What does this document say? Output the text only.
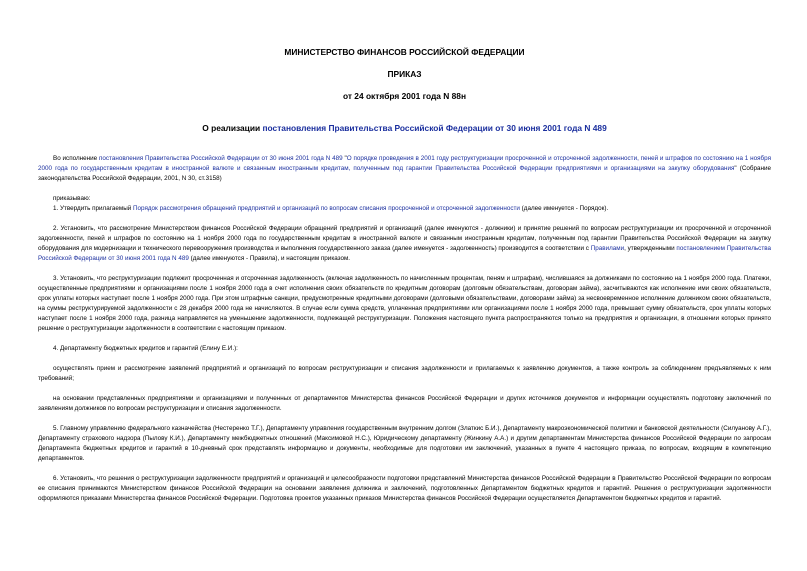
МИНИСТЕРСТВО ФИНАНСОВ РОССИЙСКОЙ ФЕДЕРАЦИИ

ПРИКАЗ

от 24 октября 2001 года N 88н

О реализации постановления Правительства Российской Федерации от 30 июня 2001 года N 489

Во исполнение постановления Правительства Российской Федерации от 30 июня 2001 года N 489 "О порядке проведения в 2001 году реструктуризации просроченной и отсроченной задолженности, пеней и штрафов по состоянию на 1 ноября 2000 года по государственным кредитам в иностранной валюте и связанным иностранным кредитам, полученным под гарантии Правительства Российской Федерации предприятиями и организациями на закупку оборудования" (Собрание законодательства Российской Федерации, 2001, N 30, ст.3158)

приказываю:

1. Утвердить прилагаемый Порядок рассмотрения обращений предприятий и организаций по вопросам списания просроченной и отсроченной задолженности (далее именуется - Порядок).

2. Установить, что рассмотрение Министерством финансов Российской Федерации обращений предприятий и организаций (далее именуются - должники) и принятие решений по вопросам реструктуризации их просроченной и отсроченной задолженности, пеней и штрафов по состоянию на 1 ноября 2000 года по государственным кредитам в иностранной валюте и связанным иностранным кредитам, полученным под гарантии Правительства Российской Федерации на закупку оборудования для модернизации и технического перевооружения производства и выполнения государственного заказа (далее именуется - задолженность) производится в соответствии с Правилами, утвержденными постановлением Правительства Российской Федерации от 30 июня 2001 года N 489 (далее именуются - Правила), и настоящим приказом.

3. Установить, что реструктуризации подлежит просроченная и отсроченная задолженность (включая задолженность по начисленным процентам, пеням и штрафам), числившаяся за должниками по состоянию на 1 ноября 2000 года. Платежи, осуществленные предприятиями и организациями после 1 ноября 2000 года в счет исполнения своих обязательств по кредитным договорам (долговым обязательствам, договорам займа), засчитываются как исполнение ими своих обязательств, срок уплаты которых наступает после 1 ноября 2000 года. При этом штрафные санкции, предусмотренные кредитными договорами (долговыми обязательствами, договорами займа) за несвоевременное исполнение должником своих обязательств, на суммы реструктурируемой задолженности с 28 декабря 2000 года не начисляются. В случае если сумма средств, уплаченная предприятиями или организациями после 1 ноября 2000 года, превышает сумму обязательств, срок уплаты которых наступает после 1 ноября 2000 года, разница направляется на уменьшение задолженности, подлежащей реструктуризации. Положения настоящего пункта распространяются только на предприятия и организации, в отношении которых принято решение о реструктуризации задолженности в соответствии с настоящим приказом.

4. Департаменту бюджетных кредитов и гарантий (Елину Е.И.):

осуществлять прием и рассмотрение заявлений предприятий и организаций по вопросам реструктуризации и списания задолженности и прилагаемых к заявлению документов, а также контроль за соблюдением предъявляемых к ним требований;

на основании представленных предприятиями и организациями и полученных от департаментов Министерства финансов Российской Федерации и других источников документов и информации осуществлять подготовку заключений по заявлениям должников по вопросам реструктуризации и списания задолженности.

5. Главному управлению федерального казначейства (Нестеренко Т.Г.), Департаменту управления государственным внутренним долгом (Златкис Б.И.), Департаменту макроэкономической политики и банковской деятельности (Силуанову А.Г.), Департаменту страхового надзора (Пылову К.И.), Департаменту межбюджетных отношений (Максимовой Н.С.), Юридическому департаменту (Жинкину А.А.) и другим департаментам Министерства финансов Российской Федерации по запросам Департамента бюджетных кредитов и гарантий в 10-дневный срок представлять информацию и документы, необходимые для подготовки им заключений, указанных в пункте 4 настоящего приказа, по вопросам, входящим в компетенцию департаментов.

6. Установить, что решения о реструктуризации задолженности предприятий и организаций и целесообразности подготовки представлений Министерства финансов Российской Федерации в Правительство Российской Федерации по вопросам ее списания принимаются Министерством финансов Российской Федерации на основании заявления должника и заключений, подготовленных Департаментом бюджетных кредитов и гарантий. Решения о реструктуризации задолженности оформляются приказами Министерства финансов Российской Федерации. Подготовка проектов указанных приказов Министерства финансов Российской Федерации осуществляется Департаментом бюджетных кредитов и гарантий.
